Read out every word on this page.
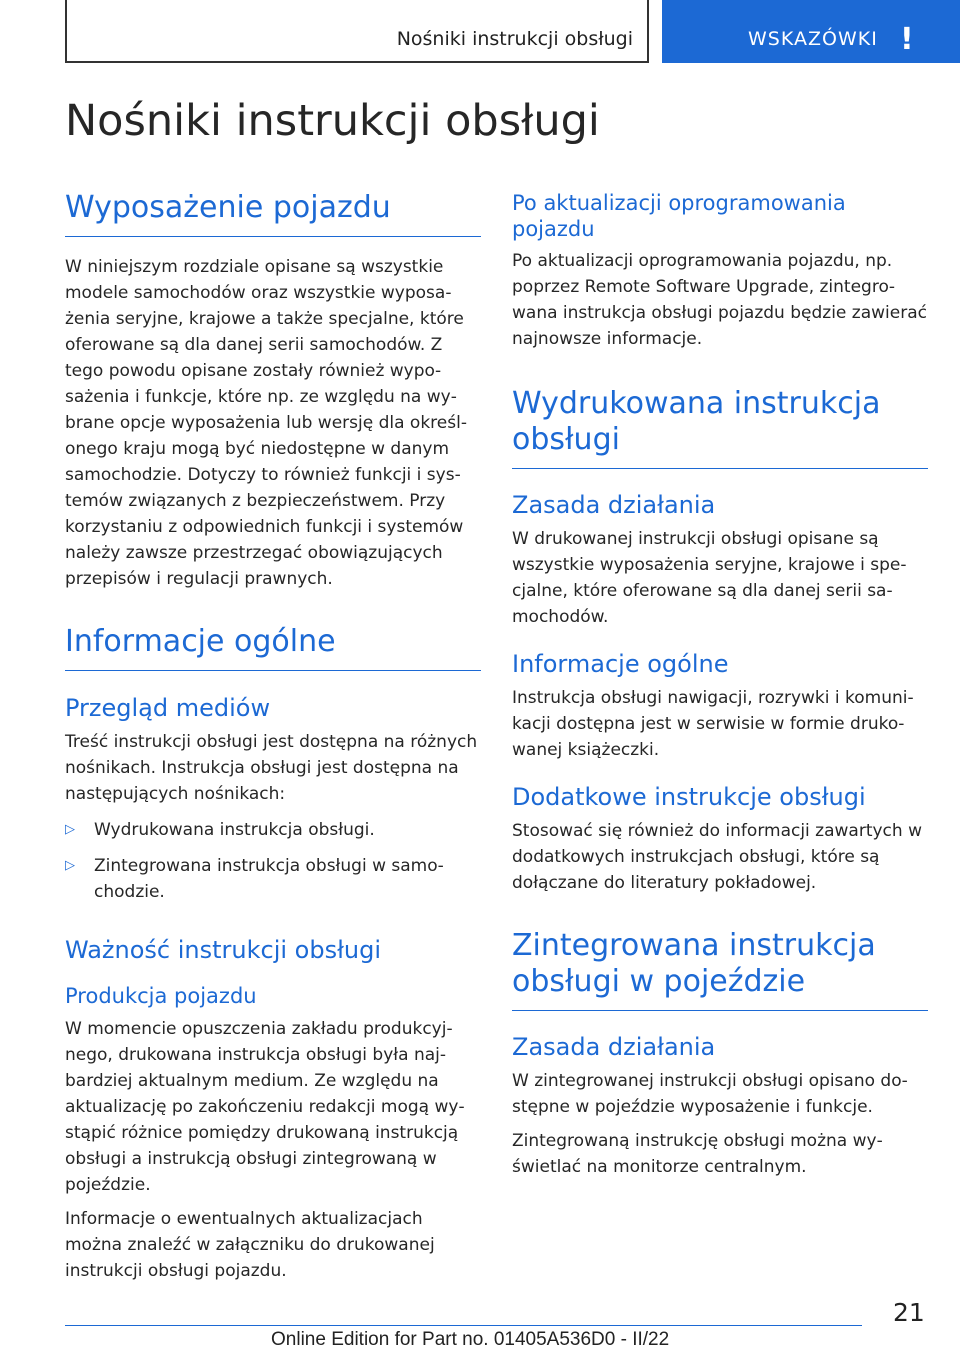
Nośniki instrukcji obsługi	WSKAZÓWKI !
Nośniki instrukcji obsługi
Wyposażenie pojazdu

W niniejszym rozdziale opisane są wszystkie modele samochodów oraz wszystkie wyposażenia seryjne, krajowe a także specjalne, które oferowane są dla danej serii samochodów. Z tego powodu opisane zostały również wyposażenia i funkcje, które np. ze względu na wybrane opcje wyposażenia lub wersję dla określonego kraju mogą być niedostępne w danym samochodzie. Dotyczy to również funkcji i systemów związanych z bezpieczeństwem. Przy korzystaniu z odpowiednich funkcji i systemów należy zawsze przestrzegać obowiązujących przepisów i regulacji prawnych.

Informacje ogólne
Przegląd mediów

Treść instrukcji obsługi jest dostępna na różnych nośnikach. Instrukcja obsługi jest dostępna na następujących nośnikach:

▷ Wydrukowana instrukcja obsługi.
▷ Zintegrowana instrukcja obsługi w samochodzie.
Ważność instrukcji obsługi
Produkcja pojazdu

W momencie opuszczenia zakładu produkcyjnego, drukowana instrukcja obsługi była najbardziej aktualnym medium. Ze względu na aktualizację po zakończeniu redakcji mogą wystąpić różnice pomiędzy drukowaną instrukcją obsługi a instrukcją obsługi zintegrowaną w pojeździe.

Informacje o ewentualnych aktualizacjach można znaleźć w załączniku do drukowanej instrukcji obsługi pojazdu.

Po aktualizacji oprogramowania pojazdu

Po aktualizacji oprogramowania pojazdu, np. poprzez Remote Software Upgrade, zintegrowana instrukcja obsługi pojazdu będzie zawierać najnowsze informacje.

Wydrukowana instrukcja obsługi
Zasada działania

W drukowanej instrukcji obsługi opisane są wszystkie wyposażenia seryjne, krajowe i specjalne, które oferowane są dla danej serii samochodów.

Informacje ogólne

Instrukcja obsługi nawigacji, rozrywki i komunikacji dostępna jest w serwisie w formie drukowanej książeczki.

Dodatkowe instrukcje obsługi

Stosować się również do informacji zawartych w dodatkowych instrukcjach obsługi, które są dołączane do literatury pokładowej.

Zintegrowana instrukcja obsługi w pojeździe
Zasada działania

W zintegrowanej instrukcji obsługi opisano dostępne w pojeździe wyposażenie i funkcje.

Zintegrowaną instrukcję obsługi można wyświetlać na monitorze centralnym.

21
Online Edition for Part no. 01405A536D0 - II/22
